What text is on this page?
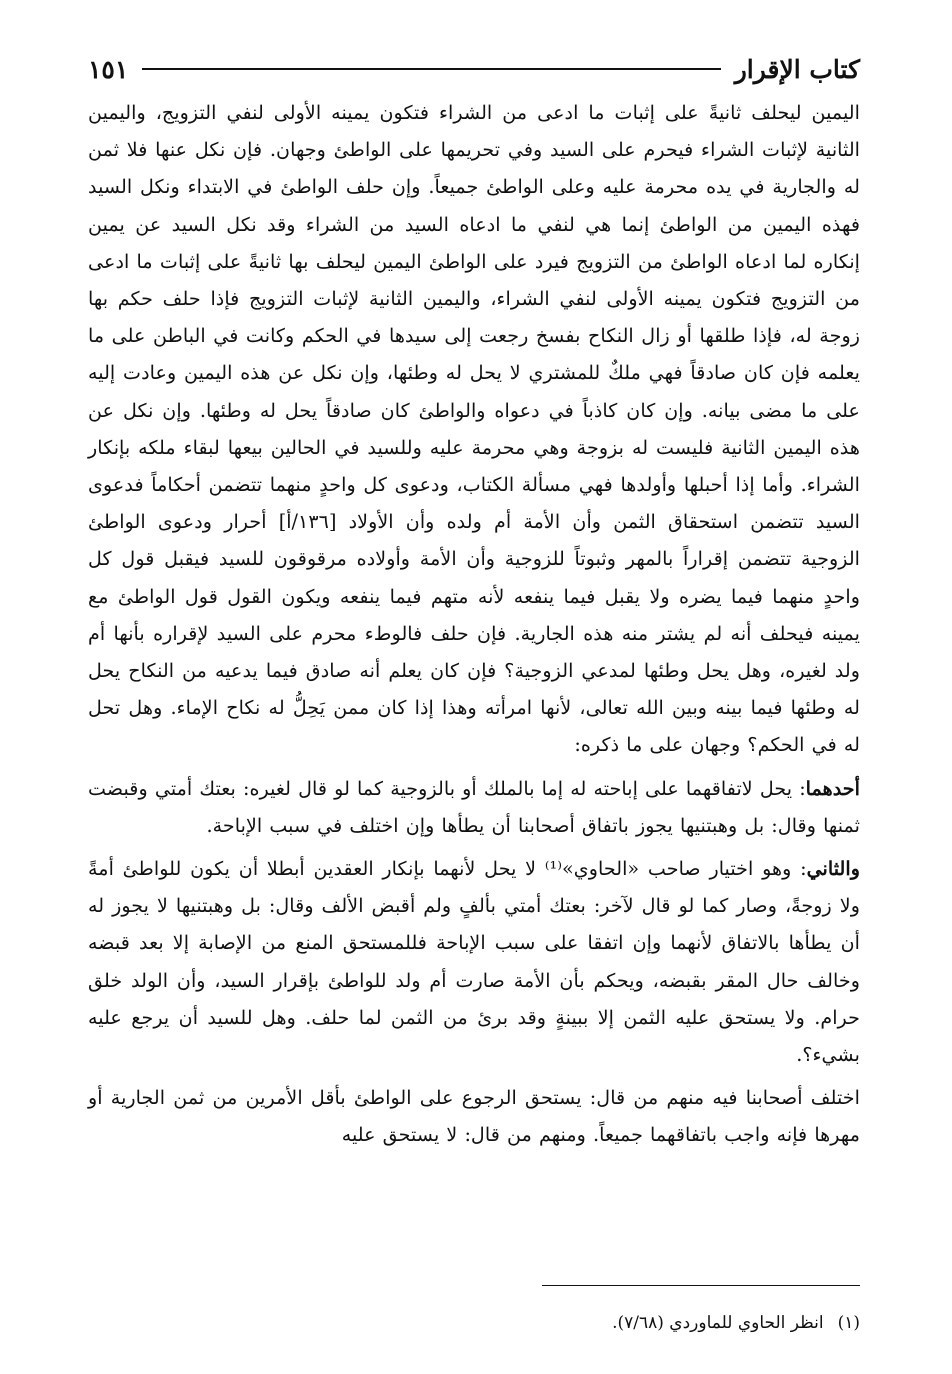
كتاب الإقرار
١٥١

اليمين ليحلف ثانيةً على إثبات ما ادعى من الشراء فتكون يمينه الأولى لنفي التزويج، واليمين الثانية لإثبات الشراء فيحرم على السيد وفي تحريمها على الواطئ وجهان. فإن نكل عنها فلا ثمن له والجارية في يده محرمة عليه وعلى الواطئ جميعاً. وإن حلف الواطئ في الابتداء ونكل السيد فهذه اليمين من الواطئ إنما هي لنفي ما ادعاه السيد من الشراء وقد نكل السيد عن يمين إنكاره لما ادعاه الواطئ من التزويج فيرد على الواطئ اليمين ليحلف بها ثانيةً على إثبات ما ادعى من التزويج فتكون يمينه الأولى لنفي الشراء، واليمين الثانية لإثبات التزويج فإذا حلف حكم بها زوجة له، فإذا طلقها أو زال النكاح بفسخ رجعت إلى سيدها في الحكم وكانت في الباطن على ما يعلمه فإن كان صادقاً فهي ملكٌ للمشتري لا يحل له وطئها، وإن نكل عن هذه اليمين وعادت إليه على ما مضى بيانه. وإن كان كاذباً في دعواه والواطئ كان صادقاً يحل له وطئها. وإن نكل عن هذه اليمين الثانية فليست له بزوجة وهي محرمة عليه وللسيد في الحالين بيعها لبقاء ملكه بإنكار الشراء. وأما إذا أحبلها وأولدها فهي مسألة الكتاب، ودعوى كل واحدٍ منهما تتضمن أحكاماً فدعوى السيد تتضمن استحقاق الثمن وأن الأمة أم ولده وأن الأولاد [١٣٦/أ] أحرار ودعوى الواطئ الزوجية تتضمن إقراراً بالمهر وثبوتاً للزوجية وأن الأمة وأولاده مرقوقون للسيد فيقبل قول كل واحدٍ منهما فيما يضره ولا يقبل فيما ينفعه لأنه متهم فيما ينفعه ويكون القول قول الواطئ مع يمينه فيحلف أنه لم يشتر منه هذه الجارية. فإن حلف فالوطء محرم على السيد لإقراره بأنها أم ولد لغيره، وهل يحل وطئها لمدعي الزوجية؟ فإن كان يعلم أنه صادق فيما يدعيه من النكاح يحل له وطئها فيما بينه وبين الله تعالى، لأنها امرأته وهذا إذا كان ممن يَحِلُّ له نكاح الإماء. وهل تحل له في الحكم؟ وجهان على ما ذكره:

أحدهما: يحل لاتفاقهما على إباحته له إما بالملك أو بالزوجية كما لو قال لغيره: بعتك أمتي وقبضت ثمنها وقال: بل وهبتنيها يجوز باتفاق أصحابنا أن يطأها وإن اختلف في سبب الإباحة.

والثاني: وهو اختيار صاحب «الحاوي»⁽¹⁾ لا يحل لأنهما بإنكار العقدين أبطلا أن يكون للواطئ أمةً ولا زوجةً، وصار كما لو قال لآخر: بعتك أمتي بألفٍ ولم أقبض الألف وقال: بل وهبتنيها لا يجوز له أن يطأها بالاتفاق لأنهما وإن اتفقا على سبب الإباحة فللمستحق المنع من الإصابة إلا بعد قبضه وخالف حال المقر بقبضه، ويحكم بأن الأمة صارت أم ولد للواطئ بإقرار السيد، وأن الولد خلق حرام. ولا يستحق عليه الثمن إلا ببينةٍ وقد برئ من الثمن لما حلف. وهل للسيد أن يرجع عليه بشيء؟.

اختلف أصحابنا فيه منهم من قال: يستحق الرجوع على الواطئ بأقل الأمرين من ثمن الجارية أو مهرها فإنه واجب باتفاقهما جميعاً. ومنهم من قال: لا يستحق عليه

(١)انظر الحاوي للماوردي (٧/٦٨).
